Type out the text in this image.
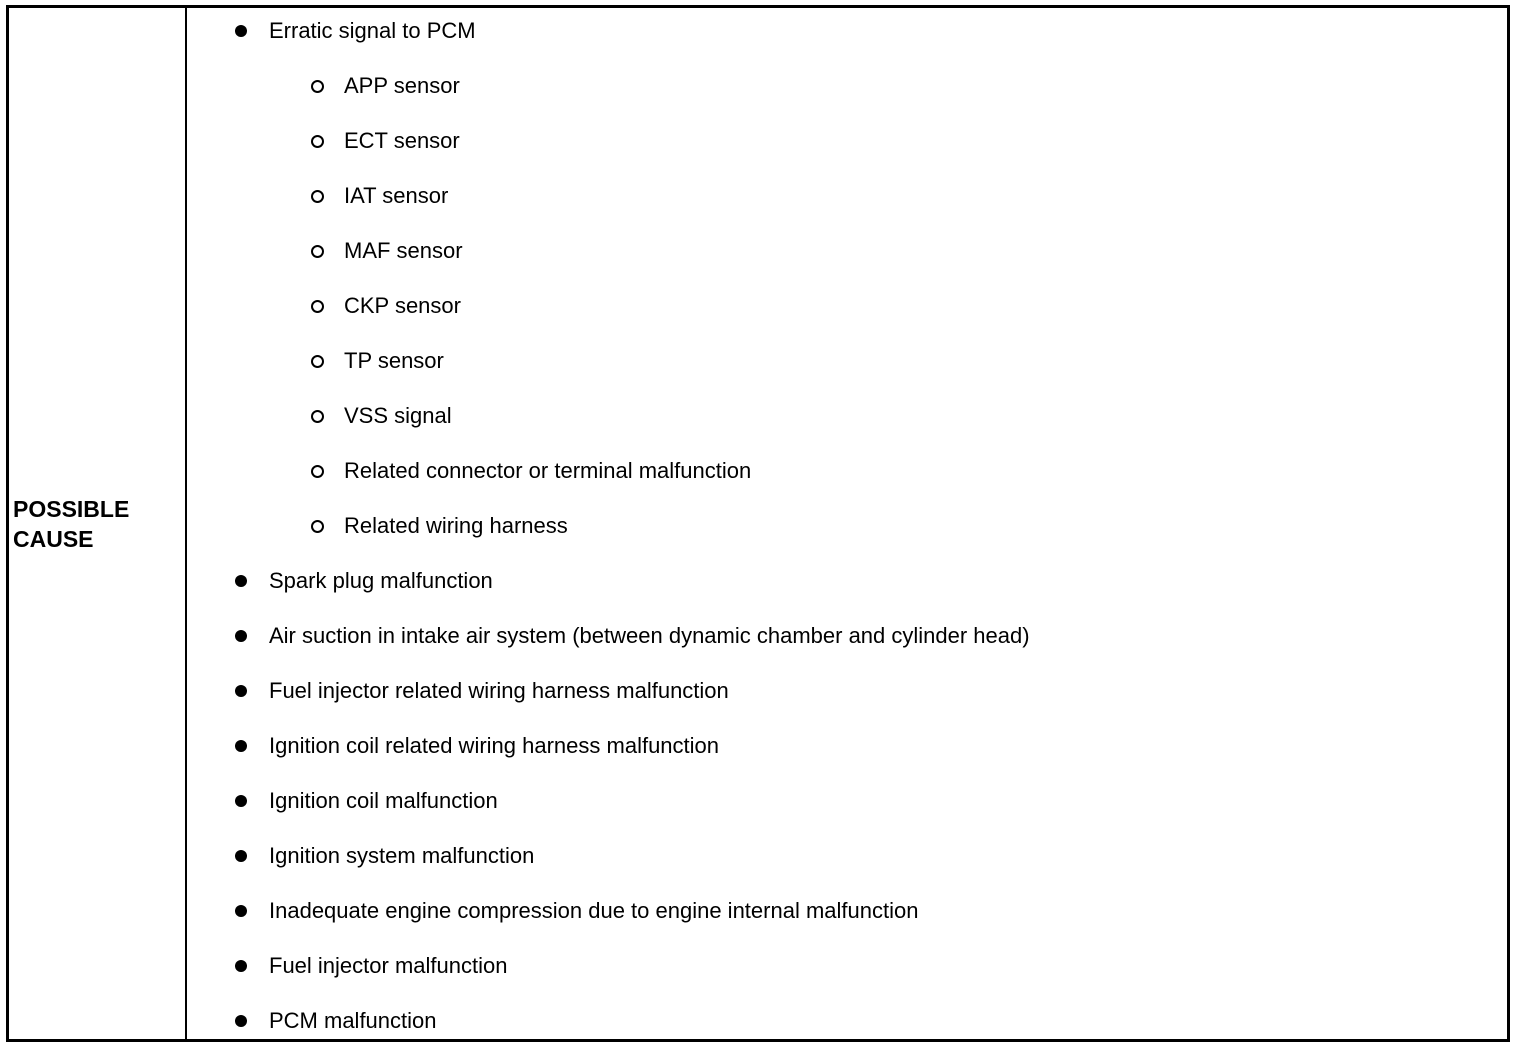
POSSIBLE
CAUSE
Erratic signal to PCM
APP sensor
ECT sensor
IAT sensor
MAF sensor
CKP sensor
TP sensor
VSS signal
Related connector or terminal malfunction
Related wiring harness
Spark plug malfunction
Air suction in intake air system (between dynamic chamber and cylinder head)
Fuel injector related wiring harness malfunction
Ignition coil related wiring harness malfunction
Ignition coil malfunction
Ignition system malfunction
Inadequate engine compression due to engine internal malfunction
Fuel injector malfunction
PCM malfunction
